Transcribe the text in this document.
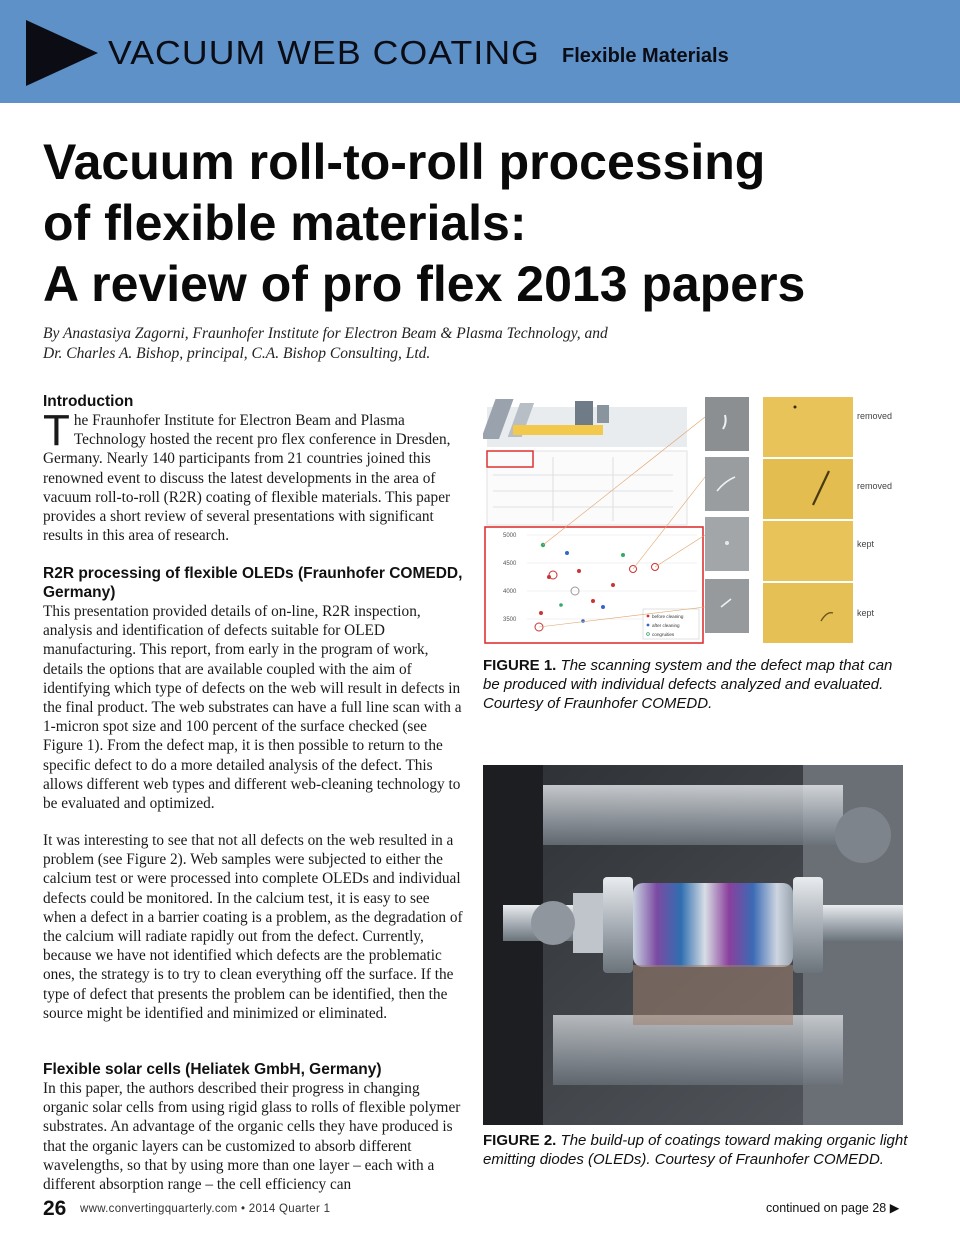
VACUUM WEB COATING Flexible Materials
Vacuum roll-to-roll processing
of flexible materials:
A review of pro flex 2013 papers
By Anastasiya Zagorni, Fraunhofer Institute for Electron Beam & Plasma Technology, and
Dr. Charles A. Bishop, principal, C.A. Bishop Consulting, Ltd.
Introduction

The Fraunhofer Institute for Electron Beam and Plasma Technology hosted the recent pro flex conference in Dresden, Germany. Nearly 140 participants from 21 countries joined this renowned event to discuss the latest developments in the area of vacuum roll-to-roll (R2R) coating of flexible materials. This paper provides a short review of several presentations with significant results in this area of research.

R2R processing of flexible OLEDs (Fraunhofer COMEDD, Germany)

This presentation provided details of on-line, R2R inspection, analysis and identification of defects suitable for OLED manufacturing. This report, from early in the program of work, details the options that are available coupled with the aim of identifying which type of defects on the web will result in defects in the final product. The web substrates can have a full line scan with a 1-micron spot size and 100 percent of the surface checked (see Figure 1). From the defect map, it is then possible to return to the specific defect to do a more detailed analysis of the defect. This allows different web types and different web-cleaning technology to be evaluated and optimized.

It was interesting to see that not all defects on the web resulted in a problem (see Figure 2). Web samples were subjected to either the calcium test or were processed into complete OLEDs and individual defects could be monitored. In the calcium test, it is easy to see when a defect in a barrier coating is a problem, as the degradation of the calcium will radiate rapidly out from the defect. Currently, because we have not identified which defects are the problematic ones, the strategy is to try to clean everything off the surface. If the type of defect that presents the problem can be identified, then the source might be identified and minimized or eliminated.

Flexible solar cells (Heliatek GmbH, Germany)

In this paper, the authors described their progress in changing organic solar cells from using rigid glass to rolls of flexible polymer substrates. An advantage of the organic cells they have produced is that the organic layers can be customized to absorb different wavelengths, so that by using more than one layer – each with a different absorption range – the cell efficiency can

5000
4500
4000
3500
before cleaning
after cleaning
congruities
removed
removed
kept
kept
FIGURE 1. The scanning system and the defect map that can be produced with individual defects analyzed and evaluated. Courtesy of Fraunhofer COMEDD.
FIGURE 2. The build-up of coatings toward making organic light emitting diodes (OLEDs). Courtesy of Fraunhofer COMEDD.
26 www.convertingquarterly.com • 2014 Quarter 1	continued on page 28 ▶
